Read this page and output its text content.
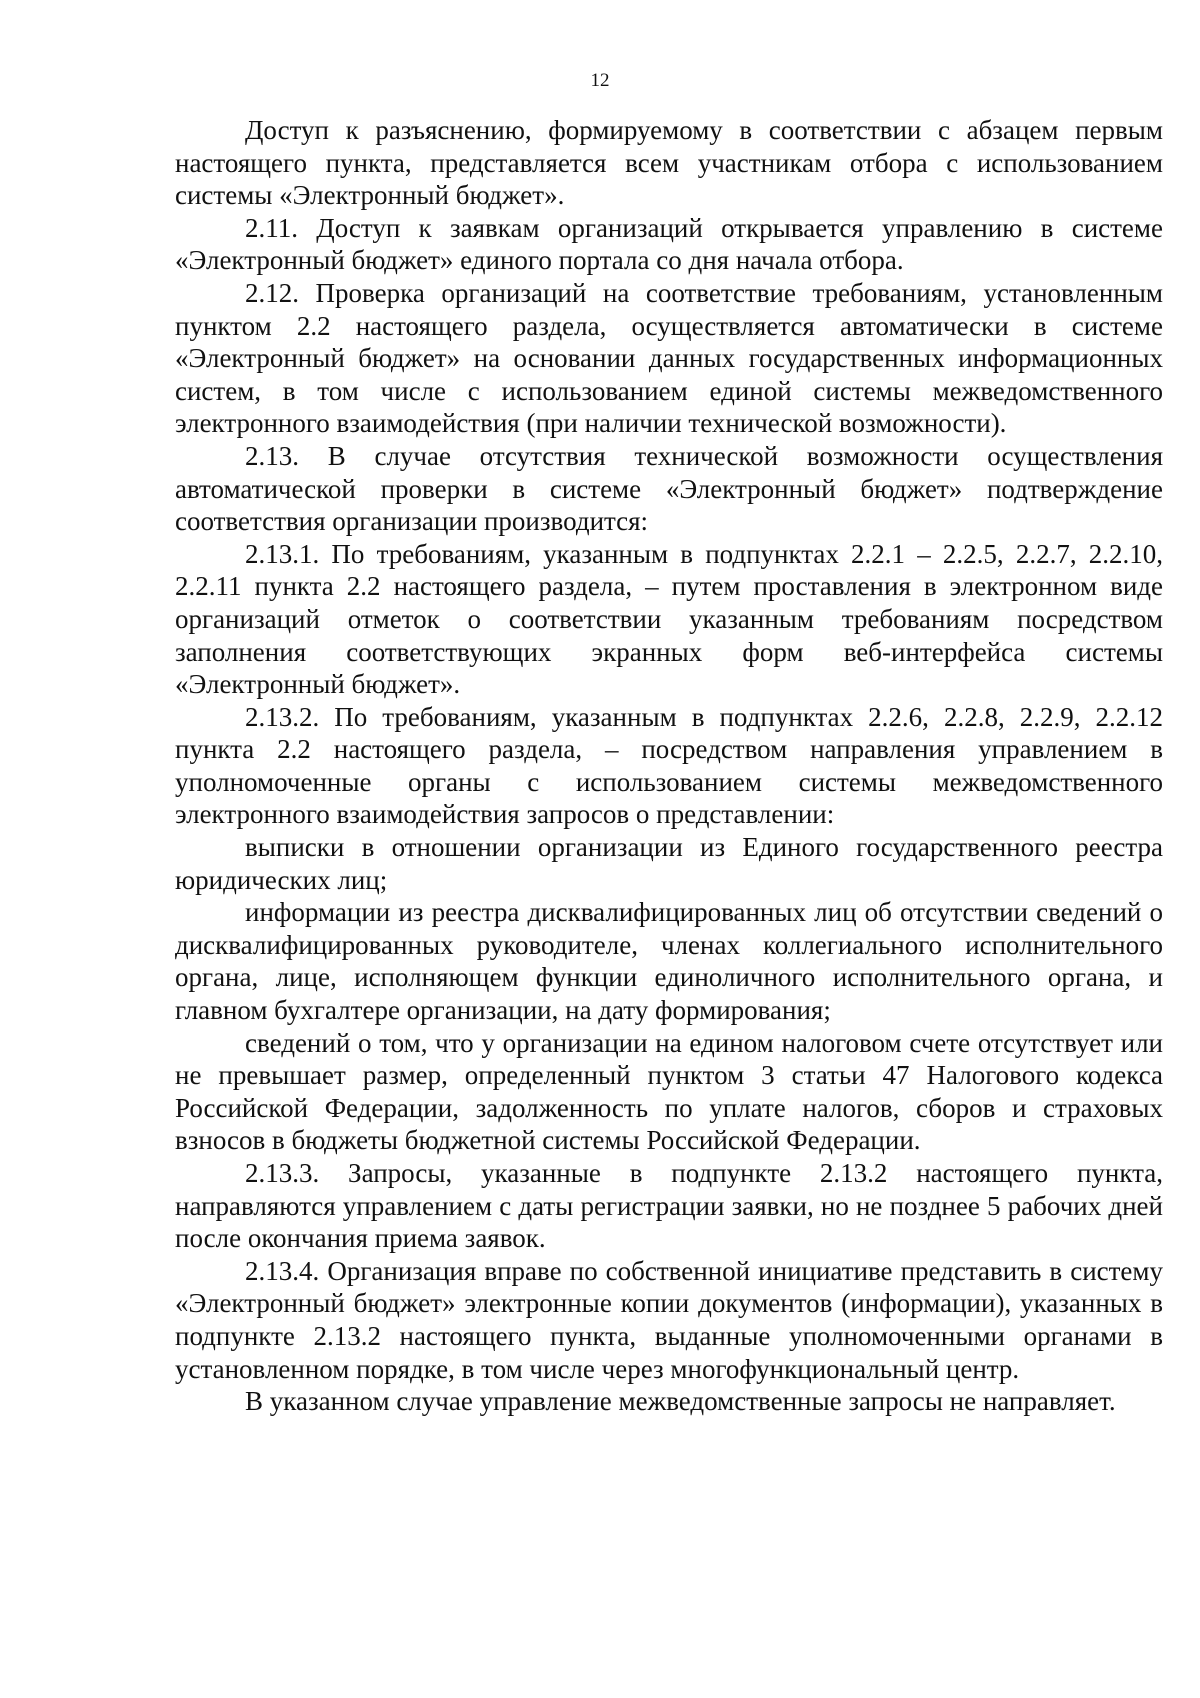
12

Доступ к разъяснению, формируемому в соответствии с абзацем первым настоящего пункта, представляется всем участникам отбора с использованием системы «Электронный бюджет».

2.11. Доступ к заявкам организаций открывается управлению в системе «Электронный бюджет» единого портала со дня начала отбора.

2.12. Проверка организаций на соответствие требованиям, установленным пунктом 2.2 настоящего раздела, осуществляется автоматически в системе «Электронный бюджет» на основании данных государственных информационных систем, в том числе с использованием единой системы межведомственного электронного взаимодействия (при наличии технической возможности).

2.13. В случае отсутствия технической возможности осуществления автоматической проверки в системе «Электронный бюджет» подтверждение соответствия организации производится:

2.13.1. По требованиям, указанным в подпунктах 2.2.1 – 2.2.5, 2.2.7, 2.2.10, 2.2.11 пункта 2.2 настоящего раздела, – путем проставления в электронном виде организаций отметок о соответствии указанным требованиям посредством заполнения соответствующих экранных форм веб-интерфейса системы «Электронный бюджет».

2.13.2. По требованиям, указанным в подпунктах 2.2.6, 2.2.8, 2.2.9, 2.2.12 пункта 2.2 настоящего раздела, – посредством направления управлением в уполномоченные органы с использованием системы межведомственного электронного взаимодействия запросов о представлении:

выписки в отношении организации из Единого государственного реестра юридических лиц;

информации из реестра дисквалифицированных лиц об отсутствии сведений о дисквалифицированных руководителе, членах коллегиального исполнительного органа, лице, исполняющем функции единоличного исполнительного органа, и главном бухгалтере организации, на дату формирования;

сведений о том, что у организации на едином налоговом счете отсутствует или не превышает размер, определенный пунктом 3 статьи 47 Налогового кодекса Российской Федерации, задолженность по уплате налогов, сборов и страховых взносов в бюджеты бюджетной системы Российской Федерации.

2.13.3. Запросы, указанные в подпункте 2.13.2 настоящего пункта, направляются управлением с даты регистрации заявки, но не позднее 5 рабочих дней после окончания приема заявок.

2.13.4. Организация вправе по собственной инициативе представить в систему «Электронный бюджет» электронные копии документов (информации), указанных в подпункте 2.13.2 настоящего пункта, выданные уполномоченными органами в установленном порядке, в том числе через многофункциональный центр.

В указанном случае управление межведомственные запросы не направляет.
